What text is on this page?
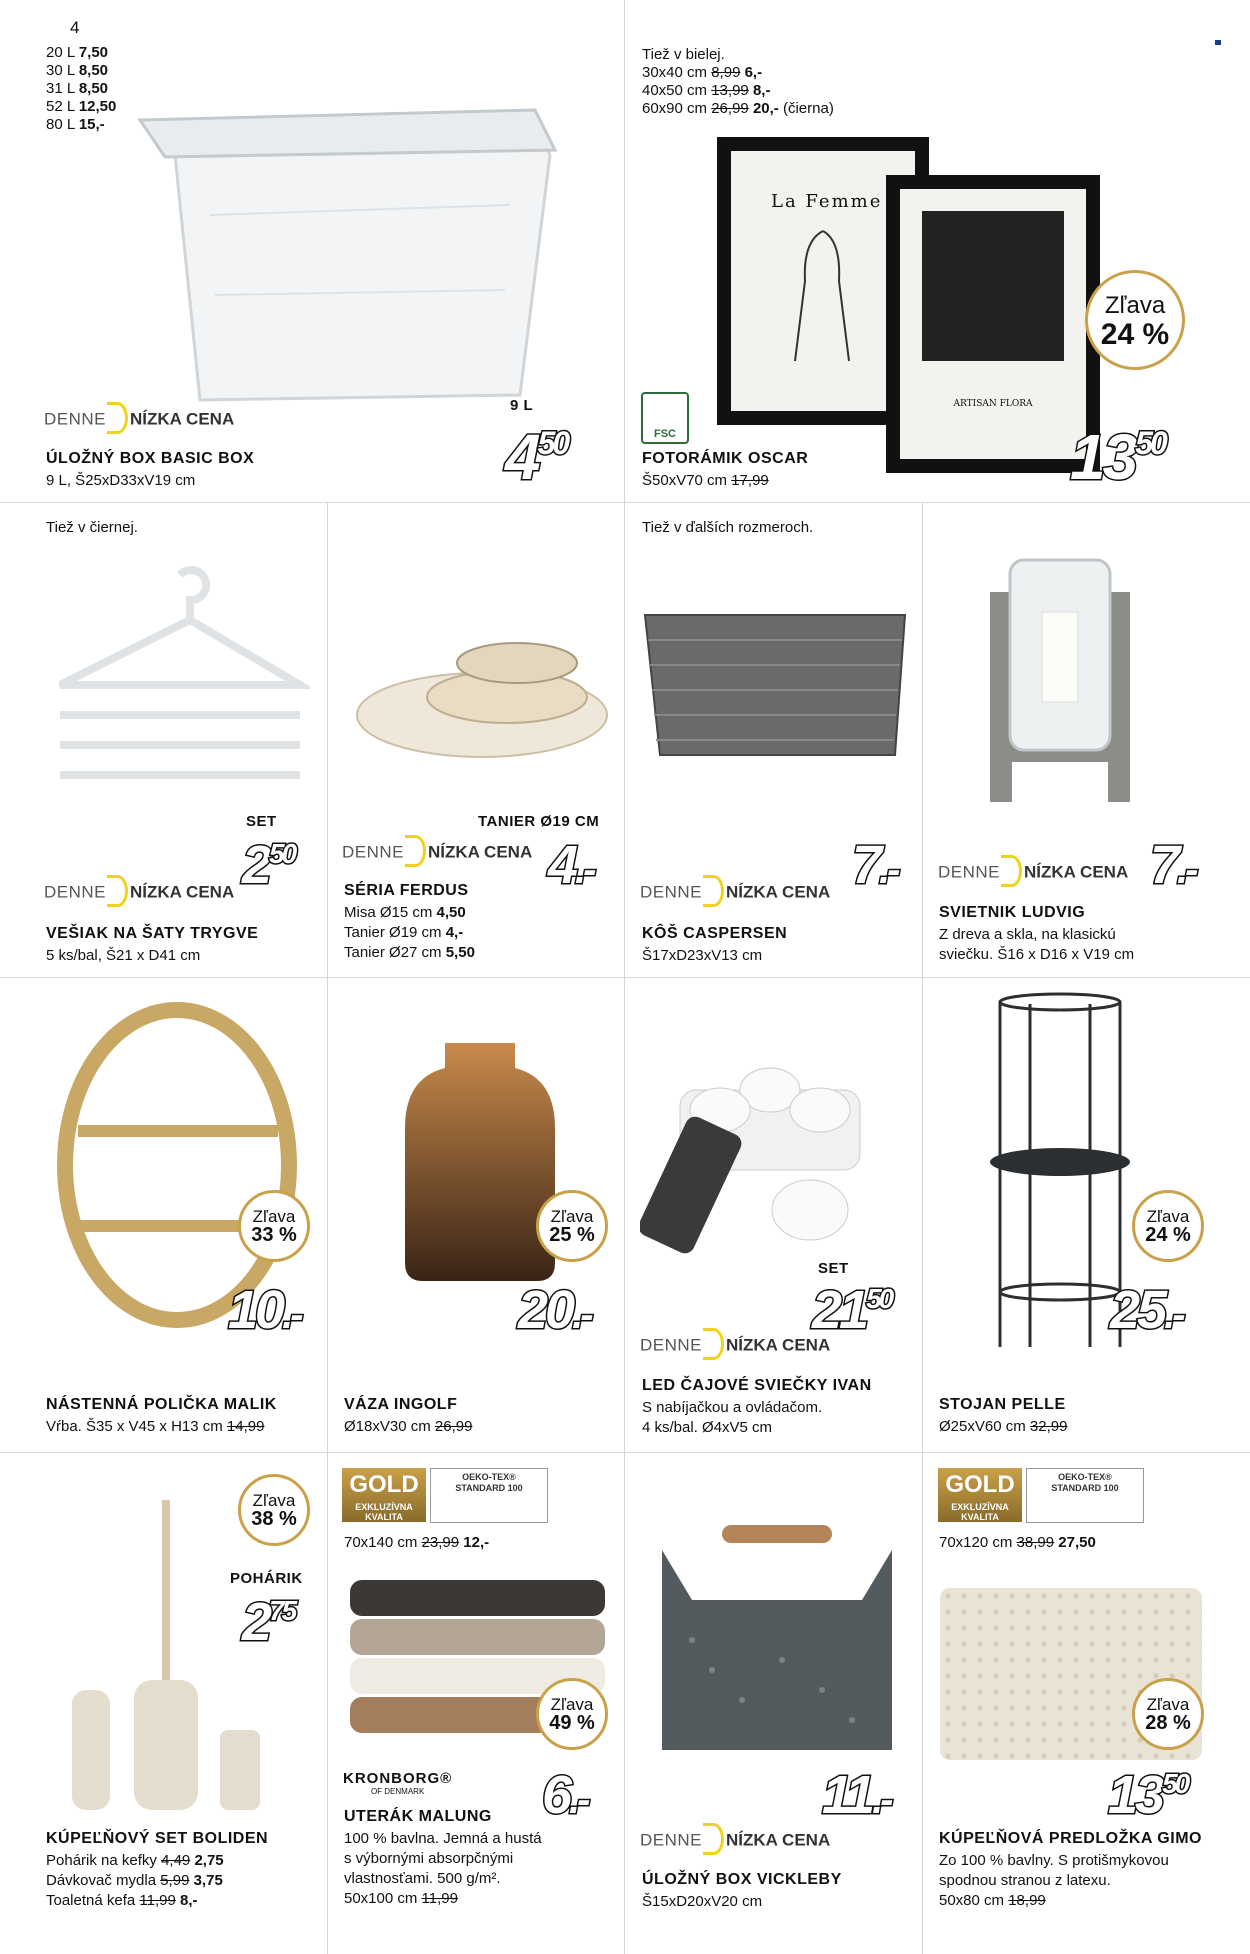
4
20 L 7,50
30 L 8,50
31 L 8,50
52 L 12,50
80 L 15,-
DENNE NÍZKA CENA
9 L
450
ÚLOŽNÝ BOX BASIC BOX
9 L, Š25xD33xV19 cm
Tiež v bielej.
30x40 cm 8,99 6,-
40x50 cm 13,99 8,-
60x90 cm 26,99 20,- (čierna)
La Femme
ARTISAN FLORA
$_{FSC}$
Zľava
24 %
1350
FOTORÁMIK OSCAR
Š50xV70 cm 17,99
Tiež v čiernej.
SET
DENNE NÍZKA CENA 250
VEŠIAK NA ŠATY TRYGVE
5 ks/bal, Š21 x D41 cm
TANIER Ø19 CM
DENNE NÍZKA CENA 4.-
SÉRIA FERDUS
Misa Ø15 cm 4,50
Tanier Ø19 cm 4,-
Tanier Ø27 cm 5,50
Tiež v ďalších rozmeroch.
DENNE NÍZKA CENA 7.-
KÔŠ CASPERSEN
Š17xD23xV13 cm
DENNE NÍZKA CENA 7.-
SVIETNIK LUDVIG
Z dreva a skla, na klasickú
sviečku. Š16 x D16 x V19 cm
Zľava
33 %
10.-
NÁSTENNÁ POLIČKA MALIK
Vŕba. Š35 x V45 x H13 cm 14,99
Zľava
25 %
20.-
VÁZA INGOLF
Ø18xV30 cm 26,99
SET
2150
DENNE NÍZKA CENA
LED ČAJOVÉ SVIEČKY IVAN
S nabíjačkou a ovládačom.
4 ks/bal. Ø4xV5 cm
Zľava
24 %
25.-
STOJAN PELLE
Ø25xV60 cm 32,99
Zľava
38 %
POHÁRIK
275
KÚPEĽŇOVÝ SET BOLIDEN
Pohárik na kefky 4,49 2,75
Dávkovač mydla 5,99 3,75
Toaletná kefa 11,99 8,-
GOLD
EXKLUZÍVNA
KVALITA
OEKO-TEX®
STANDARD 100
70x140 cm 23,99 12,-
Zľava
49 %
KRONBORG®
OF DENMARK	6.-
UTERÁK MALUNG
100 % bavlna. Jemná a hustá
s výbornými absorpčnými
vlastnosťami. 500 g/m².
50x100 cm 11,99
11.-
DENNE NÍZKA CENA
ÚLOŽNÝ BOX VICKLEBY
Š15xD20xV20 cm
GOLD
EXKLUZÍVNA
KVALITA
OEKO-TEX®
STANDARD 100
70x120 cm 38,99 27,50
Zľava
28 %
1350
KÚPEĽŇOVÁ PREDLOŽKA GIMO
Zo 100 % bavlny. S protišmykovou
spodnou stranou z latexu.
50x80 cm 18,99
